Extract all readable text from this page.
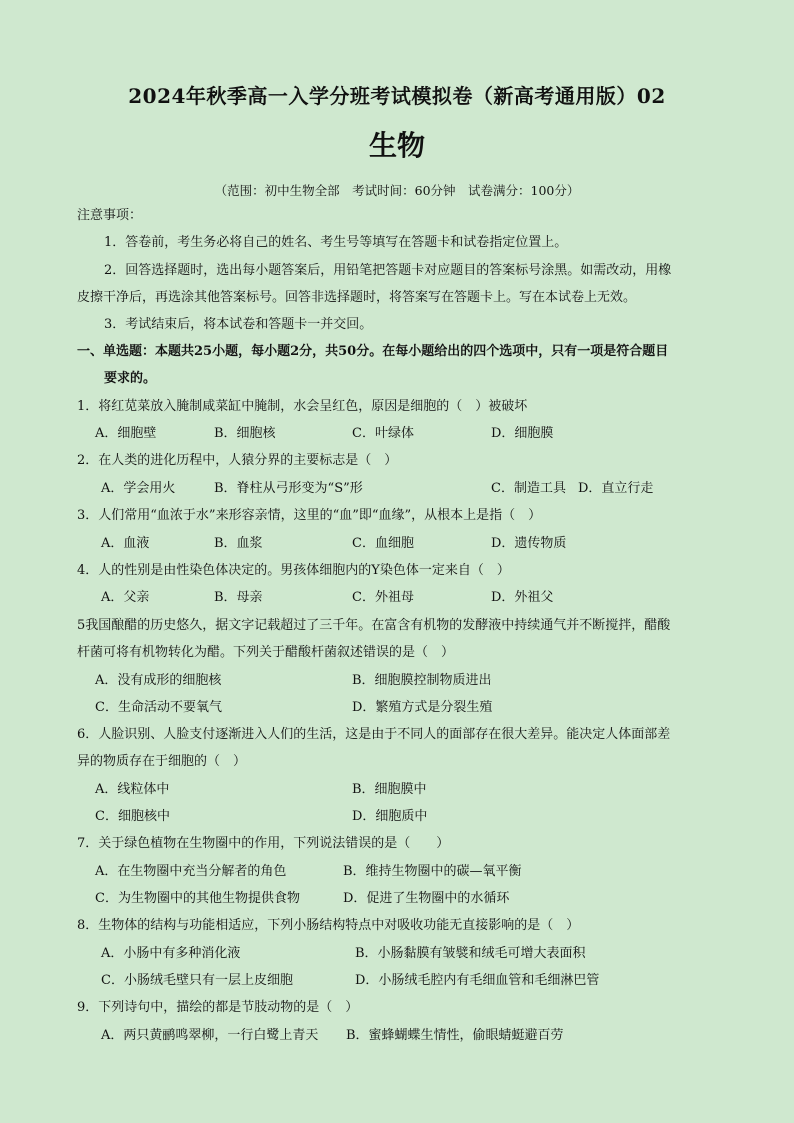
2024年秋季高一入学分班考试模拟卷（新高考通用版）02
生物
（范围：初中生物全部　考试时间：60分钟　试卷满分：100分）
注意事项：
1．答卷前，考生务必将自己的姓名、考生号等填写在答题卡和试卷指定位置上。
2．回答选择题时，选出每小题答案后，用铅笔把答题卡对应题目的答案标号涂黑。如需改动，用橡
皮擦干净后，再选涂其他答案标号。回答非选择题时，将答案写在答题卡上。写在本试卷上无效。
3．考试结束后，将本试卷和答题卡一并交回。
一、单选题：本题共25小题，每小题2分，共50分。在每小题给出的四个选项中，只有一项是符合题目
要求的。
1．将红苋菜放入腌制咸菜缸中腌制，水会呈红色，原因是细胞的（　）被破坏
A．细胞壁	B．细胞核	C．叶绿体	D．细胞膜
2．在人类的进化历程中，人猿分界的主要标志是（　）
A．学会用火	B．脊柱从弓形变为“S”形	C．制造工具 D．直立行走
3．人们常用“血浓于水”来形容亲情，这里的“血”即“血缘”，从根本上是指（　）
A．血液	B．血浆	C．血细胞	D．遗传物质
4．人的性别是由性染色体决定的。男孩体细胞内的Y染色体一定来自（　）
A．父亲	B．母亲	C．外祖母	D．外祖父
5我国酿醋的历史悠久，据文字记载超过了三千年。在富含有机物的发酵液中持续通气并不断搅拌，醋酸
杆菌可将有机物转化为醋。下列关于醋酸杆菌叙述错误的是（　）
A．没有成形的细胞核	B．细胞膜控制物质进出
C．生命活动不要氧气	D．繁殖方式是分裂生殖
6．人脸识别、人脸支付逐渐进入人们的生活，这是由于不同人的面部存在很大差异。能决定人体面部差
异的物质存在于细胞的（　）
A．线粒体中	B．细胞膜中
C．细胞核中	D．细胞质中
7．关于绿色植物在生物圈中的作用，下列说法错误的是（　　）
A．在生物圈中充当分解者的角色	B．维持生物圈中的碳—氧平衡
C．为生物圈中的其他生物提供食物	D．促进了生物圈中的水循环
8．生物体的结构与功能相适应，下列小肠结构特点中对吸收功能无直接影响的是（　）
A．小肠中有多种消化液	B．小肠黏膜有皱襞和绒毛可增大表面积
C．小肠绒毛壁只有一层上皮细胞	D．小肠绒毛腔内有毛细血管和毛细淋巴管
9．下列诗句中，描绘的都是节肢动物的是（　）
A．两只黄鹂鸣翠柳，一行白鹭上青天 B．蜜蜂蝴蝶生情性，偷眼蜻蜓避百劳
